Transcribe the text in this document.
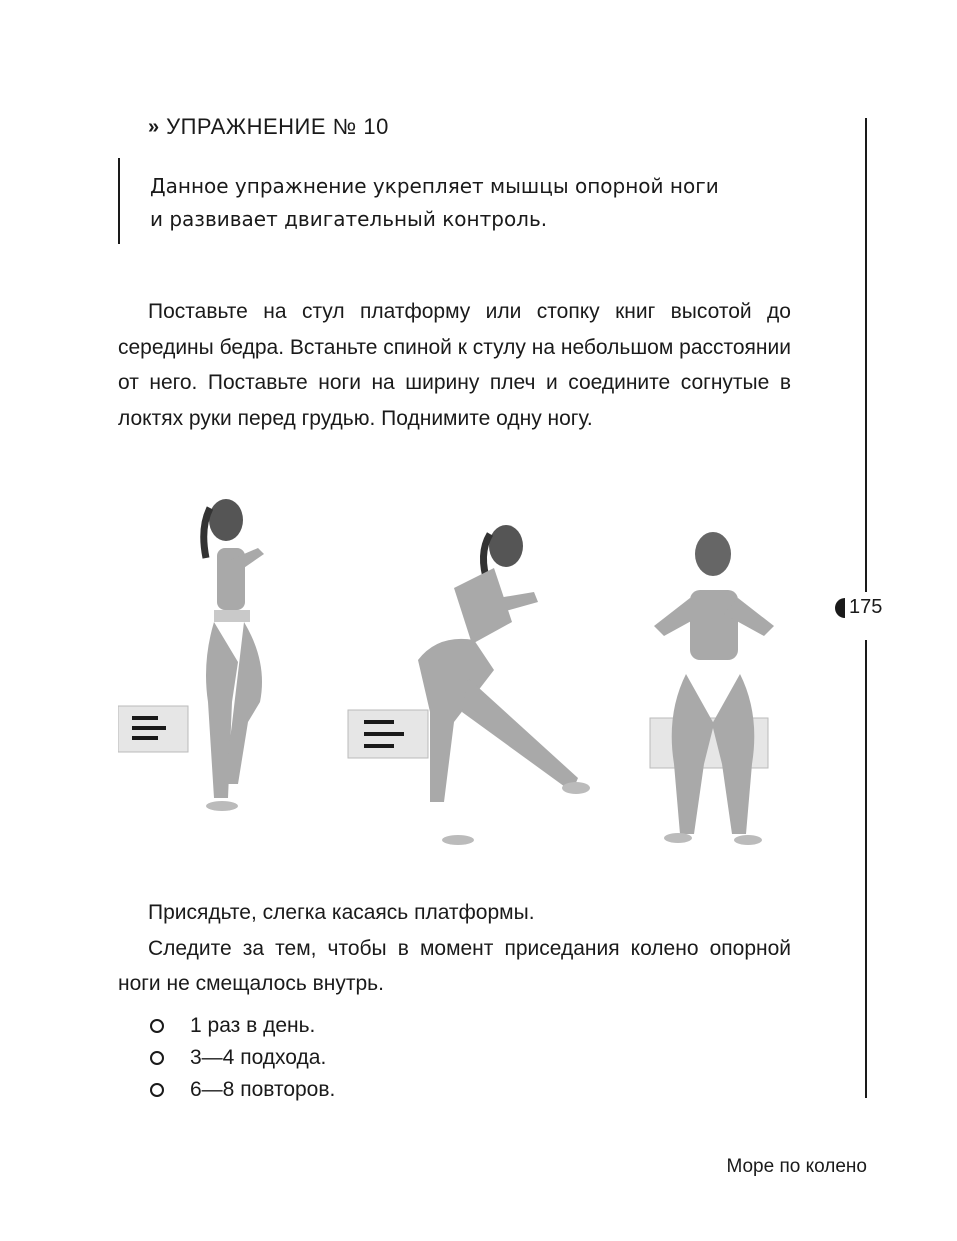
» УПРАЖНЕНИЕ № 10

Данное упражнение укрепляет мышцы опорной ноги

и развивает двигательный контроль.

175

Поставьте на стул платформу или стопку книг высотой до середины бедра. Встаньте спиной к стулу на небольшом расстоянии от него. Поставьте ноги на ширину плеч и соедините согнутые в локтях руки перед грудью. Поднимите одну ногу.

Присядьте, слегка касаясь платформы.

Следите за тем, чтобы в момент приседания колено опорной ноги не смещалось внутрь.

1 раз в день.
3—4 подхода.
6—8 повторов.
Море по колено
